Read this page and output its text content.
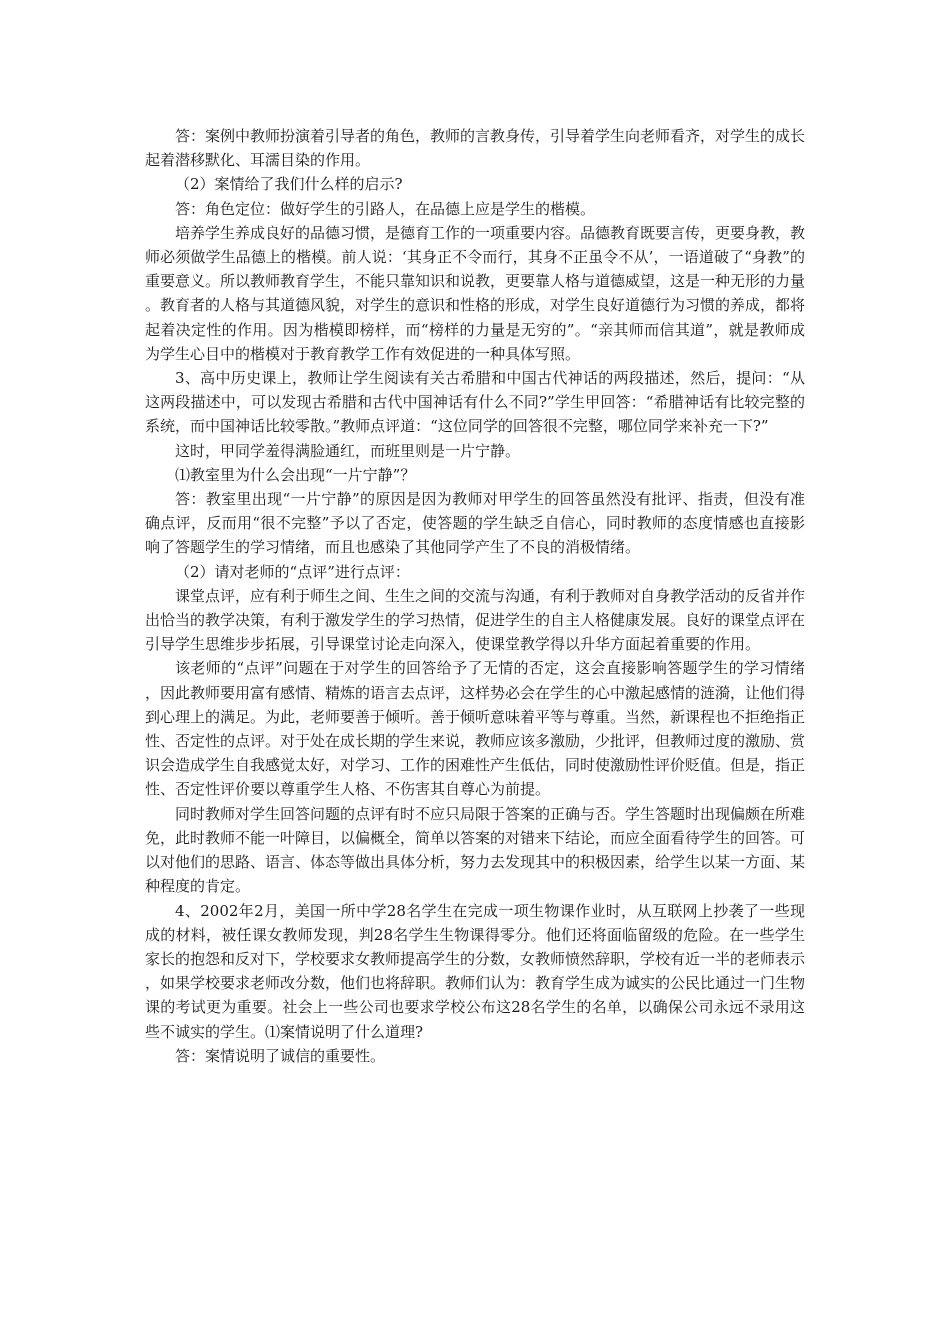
答：案例中教师扮演着引导者的角色，教师的言教身传，引导着学生向老师看齐，对学生的成长起着潜移默化、耳濡目染的作用。

（2）案情给了我们什么样的启示?

答：角色定位：做好学生的引路人，在品德上应是学生的楷模。

培养学生养成良好的品德习惯，是德育工作的一项重要内容。品德教育既要言传，更要身教，教师必须做学生品德上的楷模。前人说：‘其身正不令而行，其身不正虽令不从’，一语道破了“身教”的重要意义。所以教师教育学生，不能只靠知识和说教，更要靠人格与道德威望，这是一种无形的力量。教育者的人格与其道德风貌，对学生的意识和性格的形成，对学生良好道德行为习惯的养成，都将起着决定性的作用。因为楷模即榜样，而“榜样的力量是无穷的”。“亲其师而信其道”，就是教师成为学生心目中的楷模对于教育教学工作有效促进的一种具体写照。

3、高中历史课上，教师让学生阅读有关古希腊和中国古代神话的两段描述，然后，提问：“从这两段描述中，可以发现古希腊和古代中国神话有什么不同?”学生甲回答：“希腊神话有比较完整的系统，而中国神话比较零散。”教师点评道：“这位同学的回答很不完整，哪位同学来补充一下?”

这时，甲同学羞得满脸通红，而班里则是一片宁静。

⑴教室里为什么会出现“一片宁静”？

答：教室里出现“一片宁静”的原因是因为教师对甲学生的回答虽然没有批评、指责，但没有准确点评，反而用“很不完整”予以了否定，使答题的学生缺乏自信心，同时教师的态度情感也直接影响了答题学生的学习情绪，而且也感染了其他同学产生了不良的消极情绪。

（2）请对老师的“点评”进行点评：

课堂点评，应有利于师生之间、生生之间的交流与沟通，有利于教师对自身教学活动的反省并作出恰当的教学决策，有利于激发学生的学习热情，促进学生的自主人格健康发展。良好的课堂点评在引导学生思维步步拓展，引导课堂讨论走向深入，使课堂教学得以升华方面起着重要的作用。

该老师的“点评”问题在于对学生的回答给予了无情的否定，这会直接影响答题学生的学习情绪，因此教师要用富有感情、精炼的语言去点评，这样势必会在学生的心中激起感情的涟漪，让他们得到心理上的满足。为此，老师要善于倾听。善于倾听意味着平等与尊重。当然，新课程也不拒绝指正性、否定性的点评。对于处在成长期的学生来说，教师应该多激励，少批评，但教师过度的激励、赏识会造成学生自我感觉太好，对学习、工作的困难性产生低估，同时使激励性评价贬值。但是，指正性、否定性评价要以尊重学生人格、不伤害其自尊心为前提。

同时教师对学生回答问题的点评有时不应只局限于答案的正确与否。学生答题时出现偏颇在所难免，此时教师不能一叶障目，以偏概全，简单以答案的对错来下结论，而应全面看待学生的回答。可以对他们的思路、语言、体态等做出具体分析，努力去发现其中的积极因素，给学生以某一方面、某种程度的肯定。

4、2002年2月，美国一所中学28名学生在完成一项生物课作业时，从互联网上抄袭了一些现成的材料，被任课女教师发现，判28名学生生物课得零分。他们还将面临留级的危险。在一些学生家长的抱怨和反对下，学校要求女教师提高学生的分数，女教师愤然辞职，学校有近一半的老师表示，如果学校要求老师改分数，他们也将辞职。教师们认为：教育学生成为诚实的公民比通过一门生物课的考试更为重要。社会上一些公司也要求学校公布这28名学生的名单，以确保公司永远不录用这些不诚实的学生。⑴案情说明了什么道理?

答：案情说明了诚信的重要性。
